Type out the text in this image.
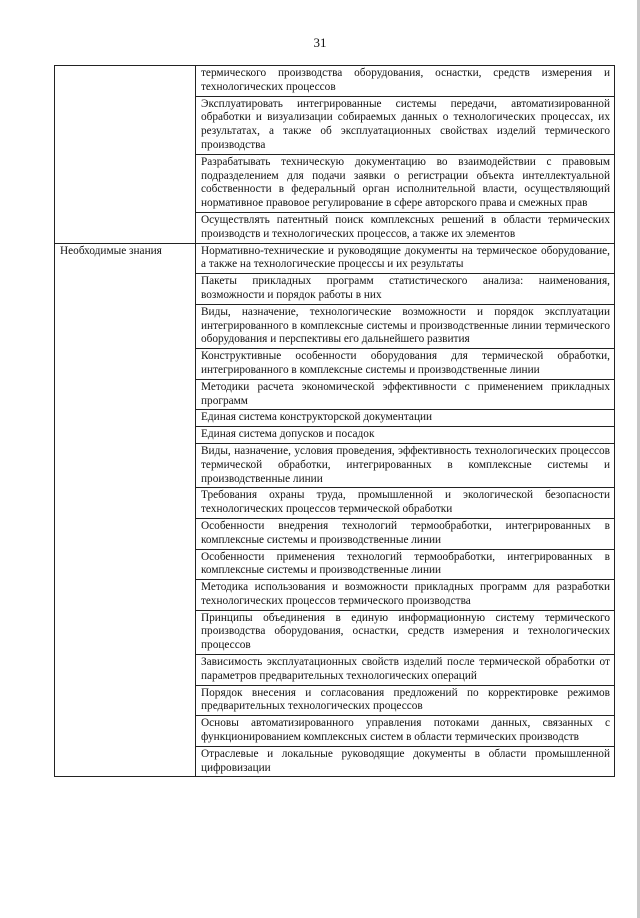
31
	термического производства оборудования, оснастки, средств измерения и технологических процессов
	Эксплуатировать интегрированные системы передачи, автоматизированной обработки и визуализации собираемых данных о технологических процессах, их результатах, а также об эксплуатационных свойствах изделий термического производства
	Разрабатывать техническую документацию во взаимодействии с правовым подразделением для подачи заявки о регистрации объекта интеллектуальной собственности в федеральный орган исполнительной власти, осуществляющий нормативное правовое регулирование в сфере авторского права и смежных прав
	Осуществлять патентный поиск комплексных решений в области термических производств и технологических процессов, а также их элементов
Необходимые знания	Нормативно-технические и руководящие документы на термическое оборудование, а также на технологические процессы и их результаты
	Пакеты прикладных программ статистического анализа: наименования, возможности и порядок работы в них
	Виды, назначение, технологические возможности и порядок эксплуатации интегрированного в комплексные системы и производственные линии термического оборудования и перспективы его дальнейшего развития
	Конструктивные особенности оборудования для термической обработки, интегрированного в комплексные системы и производственные линии
	Методики расчета экономической эффективности с применением прикладных программ
	Единая система конструкторской документации
	Единая система допусков и посадок
	Виды, назначение, условия проведения, эффективность технологических процессов термической обработки, интегрированных в комплексные системы и производственные линии
	Требования охраны труда, промышленной и экологической безопасности технологических процессов термической обработки
	Особенности внедрения технологий термообработки, интегрированных в комплексные системы и производственные линии
	Особенности применения технологий термообработки, интегрированных в комплексные системы и производственные линии
	Методика использования и возможности прикладных программ для разработки технологических процессов термического производства
	Принципы объединения в единую информационную систему термического производства оборудования, оснастки, средств измерения и технологических процессов
	Зависимость эксплуатационных свойств изделий после термической обработки от параметров предварительных технологических операций
	Порядок внесения и согласования предложений по корректировке режимов предварительных технологических процессов
	Основы автоматизированного управления потоками данных, связанных с функционированием комплексных систем в области термических производств
	Отраслевые и локальные руководящие документы в области промышленной цифровизации
